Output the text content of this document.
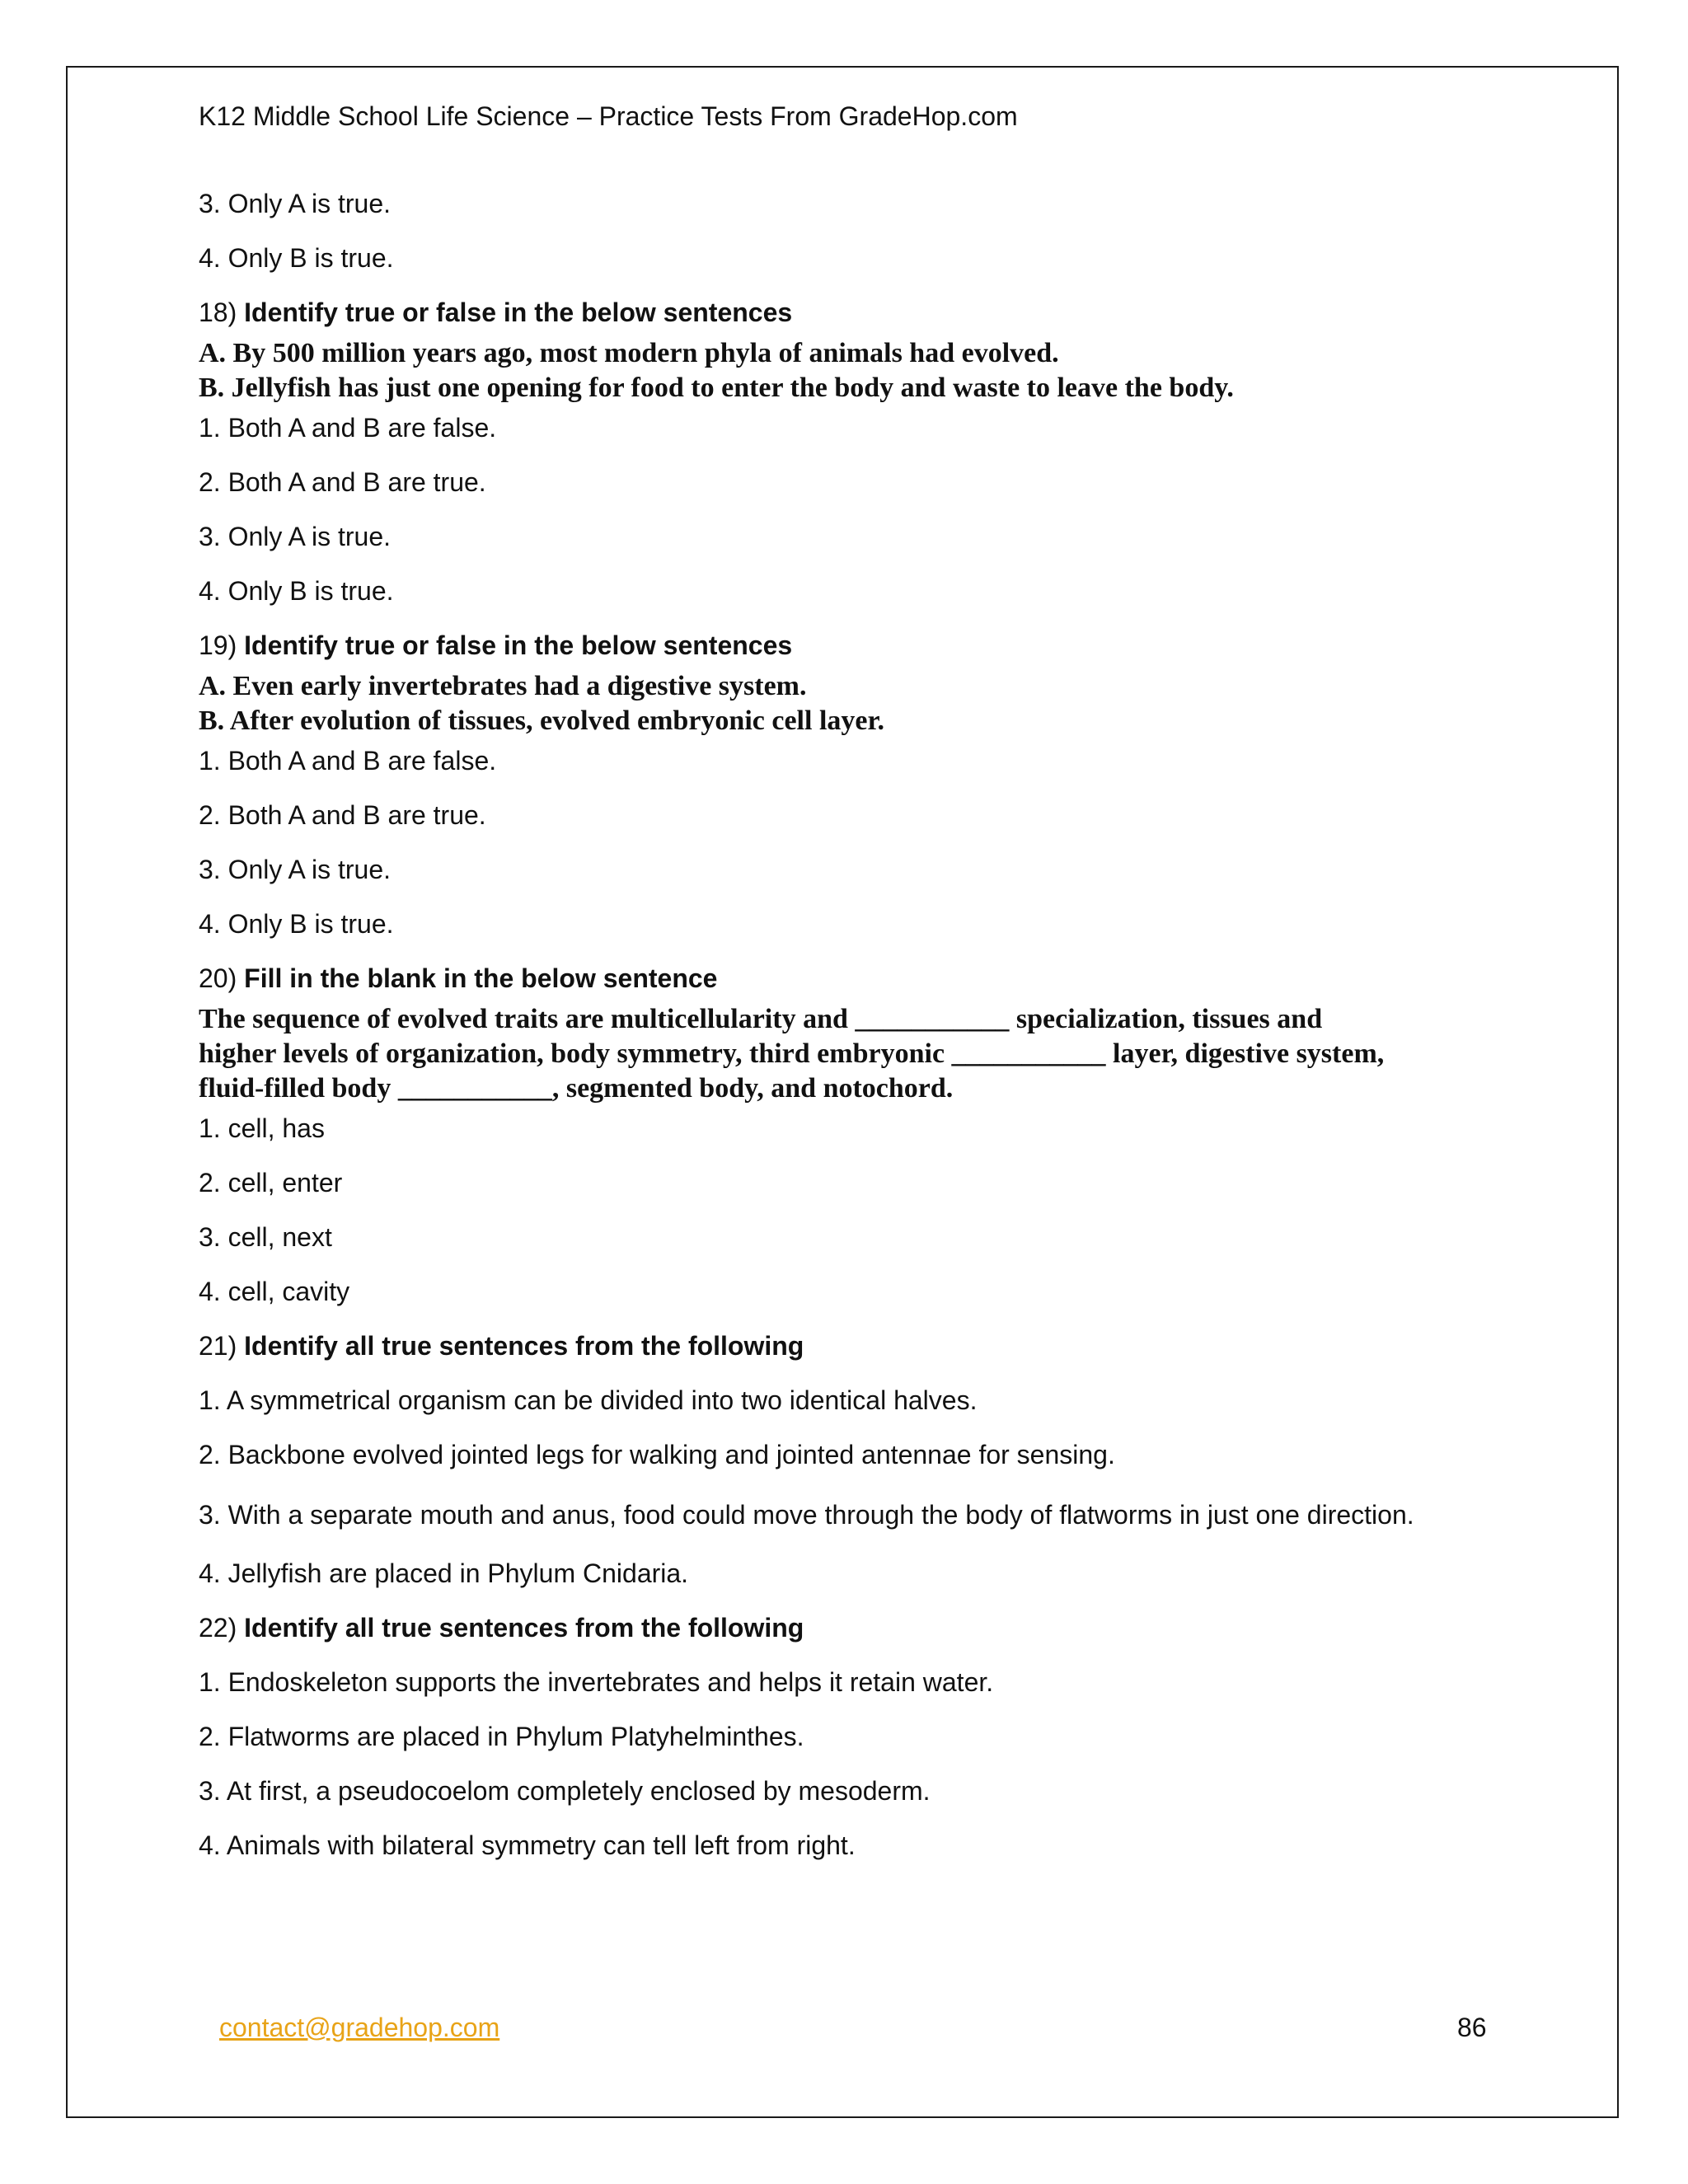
K12 Middle School Life Science – Practice Tests From GradeHop.com
3. Only A is true.
4. Only B is true.
18) Identify true or false in the below sentences
A. By 500 million years ago, most modern phyla of animals had evolved.
B. Jellyfish has just one opening for food to enter the body and waste to leave the body.
1. Both A and B are false.
2. Both A and B are true.
3. Only A is true.
4. Only B is true.
19) Identify true or false in the below sentences
A. Even early invertebrates had a digestive system.
B. After evolution of tissues, evolved embryonic cell layer.
1. Both A and B are false.
2. Both A and B are true.
3. Only A is true.
4. Only B is true.
20) Fill in the blank in the below sentence
The sequence of evolved traits are multicellularity and ___________ specialization, tissues and
higher levels of organization, body symmetry, third embryonic ___________ layer, digestive system,
fluid-filled body ___________, segmented body, and notochord.
1. cell, has
2. cell, enter
3. cell, next
4. cell, cavity
21) Identify all true sentences from the following
1. A symmetrical organism can be divided into two identical halves.
2. Backbone evolved jointed legs for walking and jointed antennae for sensing.
3. With a separate mouth and anus, food could move through the body of flatworms in just one direction.
4. Jellyfish are placed in Phylum Cnidaria.
22) Identify all true sentences from the following
1. Endoskeleton supports the invertebrates and helps it retain water.
2. Flatworms are placed in Phylum Platyhelminthes.
3. At first, a pseudocoelom completely enclosed by mesoderm.
4. Animals with bilateral symmetry can tell left from right.
contact@gradehop.com	86
